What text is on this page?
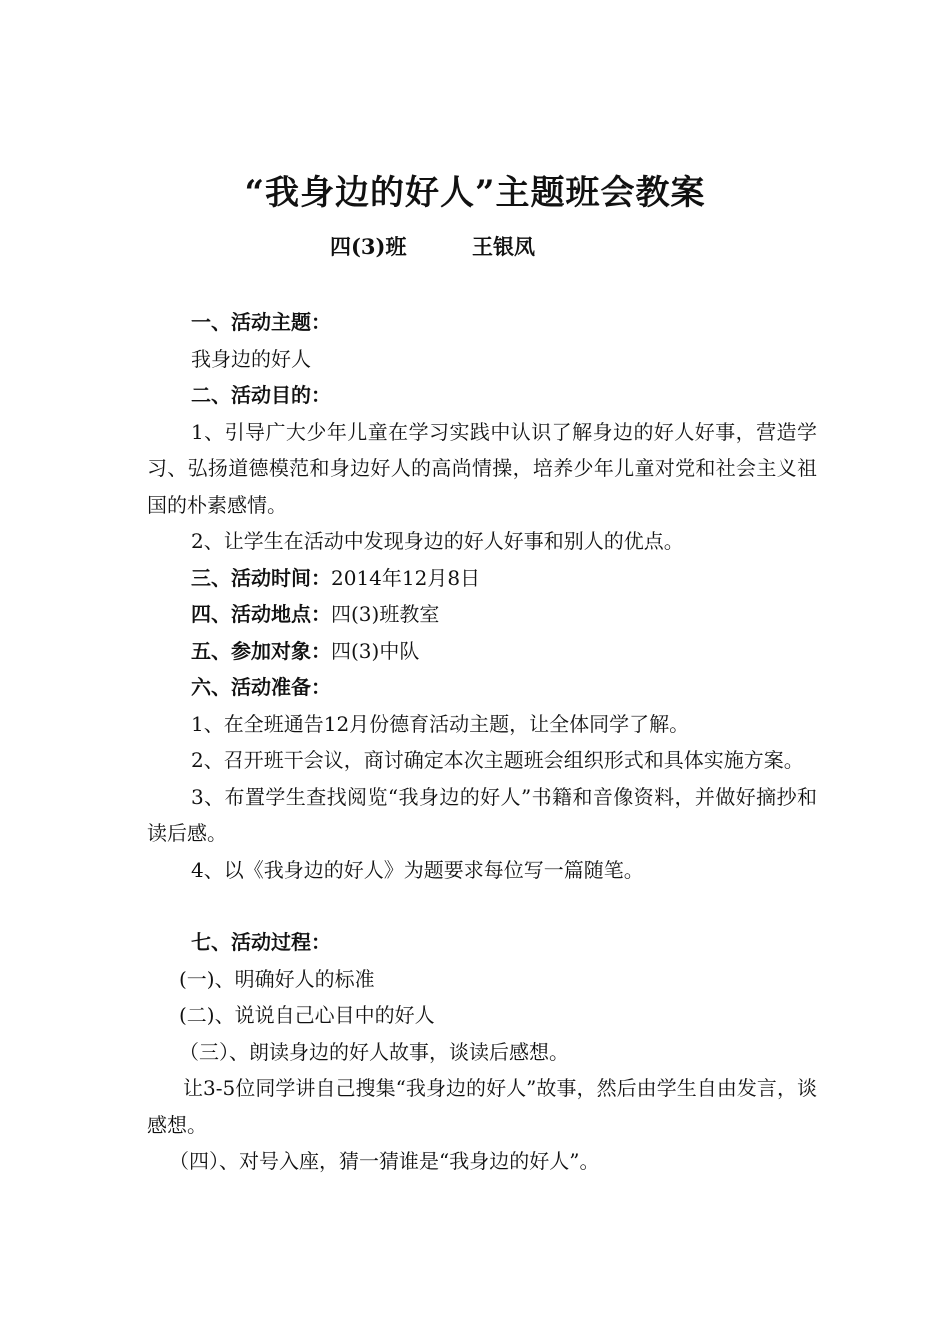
“我身边的好人”主题班会教案
四(3)班	王银凤
一、活动主题：
我身边的好人
二、活动目的：
1、引导广大少年儿童在学习实践中认识了解身边的好人好事，营造学习、弘扬道德模范和身边好人的高尚情操，培养少年儿童对党和社会主义祖国的朴素感情。
2、让学生在活动中发现身边的好人好事和别人的优点。
三、活动时间：2014年12月8日
四、活动地点：四(3)班教室
五、参加对象：四(3)中队
六、活动准备：
1、在全班通告12月份德育活动主题，让全体同学了解。
2、召开班干会议，商讨确定本次主题班会组织形式和具体实施方案。
3、布置学生查找阅览“我身边的好人”书籍和音像资料，并做好摘抄和读后感。
4、以《我身边的好人》为题要求每位写一篇随笔。
七、活动过程：
(一)、明确好人的标准
(二)、说说自己心目中的好人
（三）、朗读身边的好人故事，谈读后感想。
让3-5位同学讲自己搜集“我身边的好人”故事，然后由学生自由发言，谈感想。
（四）、对号入座，猜一猜谁是“我身边的好人”。
